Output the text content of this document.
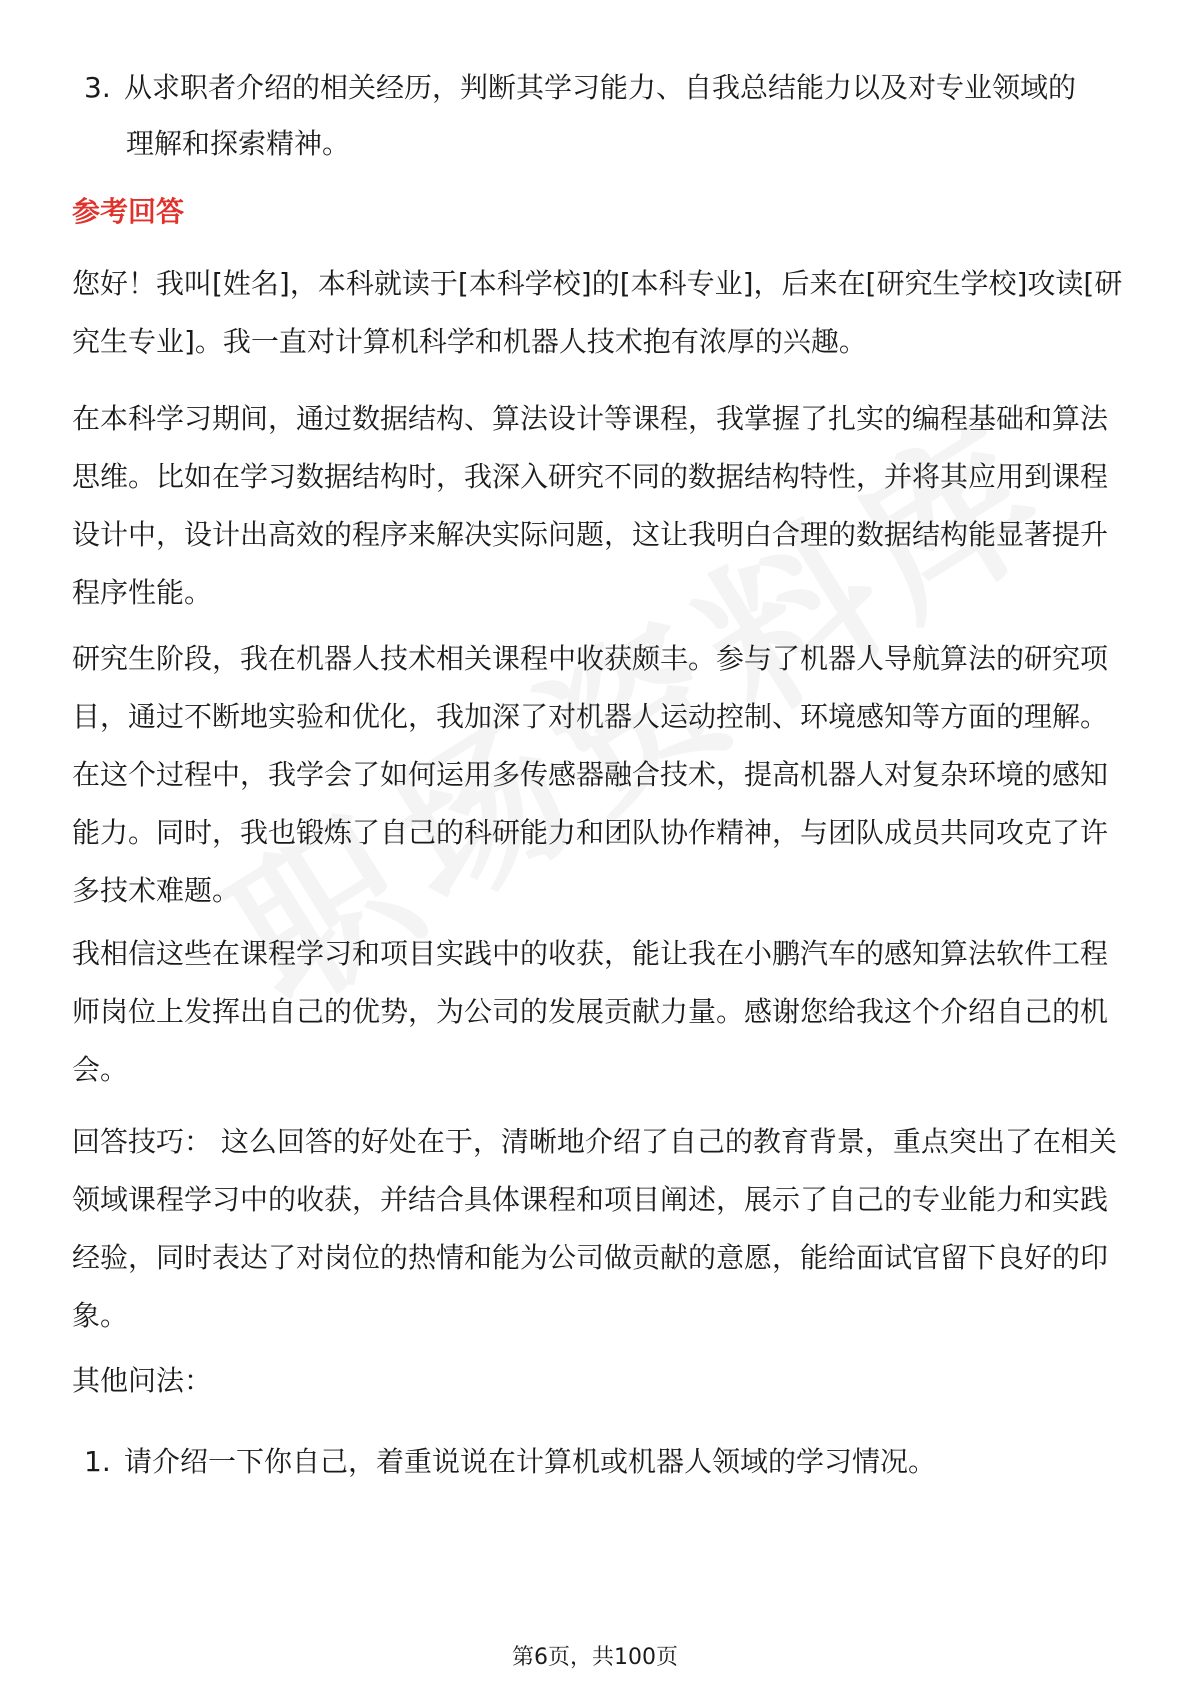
3. 从求职者介绍的相关经历，判断其学习能力、自我总结能力以及对专业领域的
理解和探索精神。
参考回答
您好！我叫[姓名]，本科就读于[本科学校]的[本科专业]，后来在[研究生学校]攻读[研究生专业]。我一直对计算机科学和机器人技术抱有浓厚的兴趣。
在本科学习期间，通过数据结构、算法设计等课程，我掌握了扎实的编程基础和算法思维。比如在学习数据结构时，我深入研究不同的数据结构特性，并将其应用到课程设计中，设计出高效的程序来解决实际问题，这让我明白合理的数据结构能显著提升程序性能。
研究生阶段，我在机器人技术相关课程中收获颇丰。参与了机器人导航算法的研究项目，通过不断地实验和优化，我加深了对机器人运动控制、环境感知等方面的理解。在这个过程中，我学会了如何运用多传感器融合技术，提高机器人对复杂环境的感知能力。同时，我也锻炼了自己的科研能力和团队协作精神，与团队成员共同攻克了许多技术难题。
我相信这些在课程学习和项目实践中的收获，能让我在小鹏汽车的感知算法软件工程师岗位上发挥出自己的优势，为公司的发展贡献力量。感谢您给我这个介绍自己的机会。
回答技巧： 这么回答的好处在于，清晰地介绍了自己的教育背景，重点突出了在相关领域课程学习中的收获，并结合具体课程和项目阐述，展示了自己的专业能力和实践经验，同时表达了对岗位的热情和能为公司做贡献的意愿，能给面试官留下良好的印象。
其他问法：
1. 请介绍一下你自己，着重说说在计算机或机器人领域的学习情况。
第6页，共100页
